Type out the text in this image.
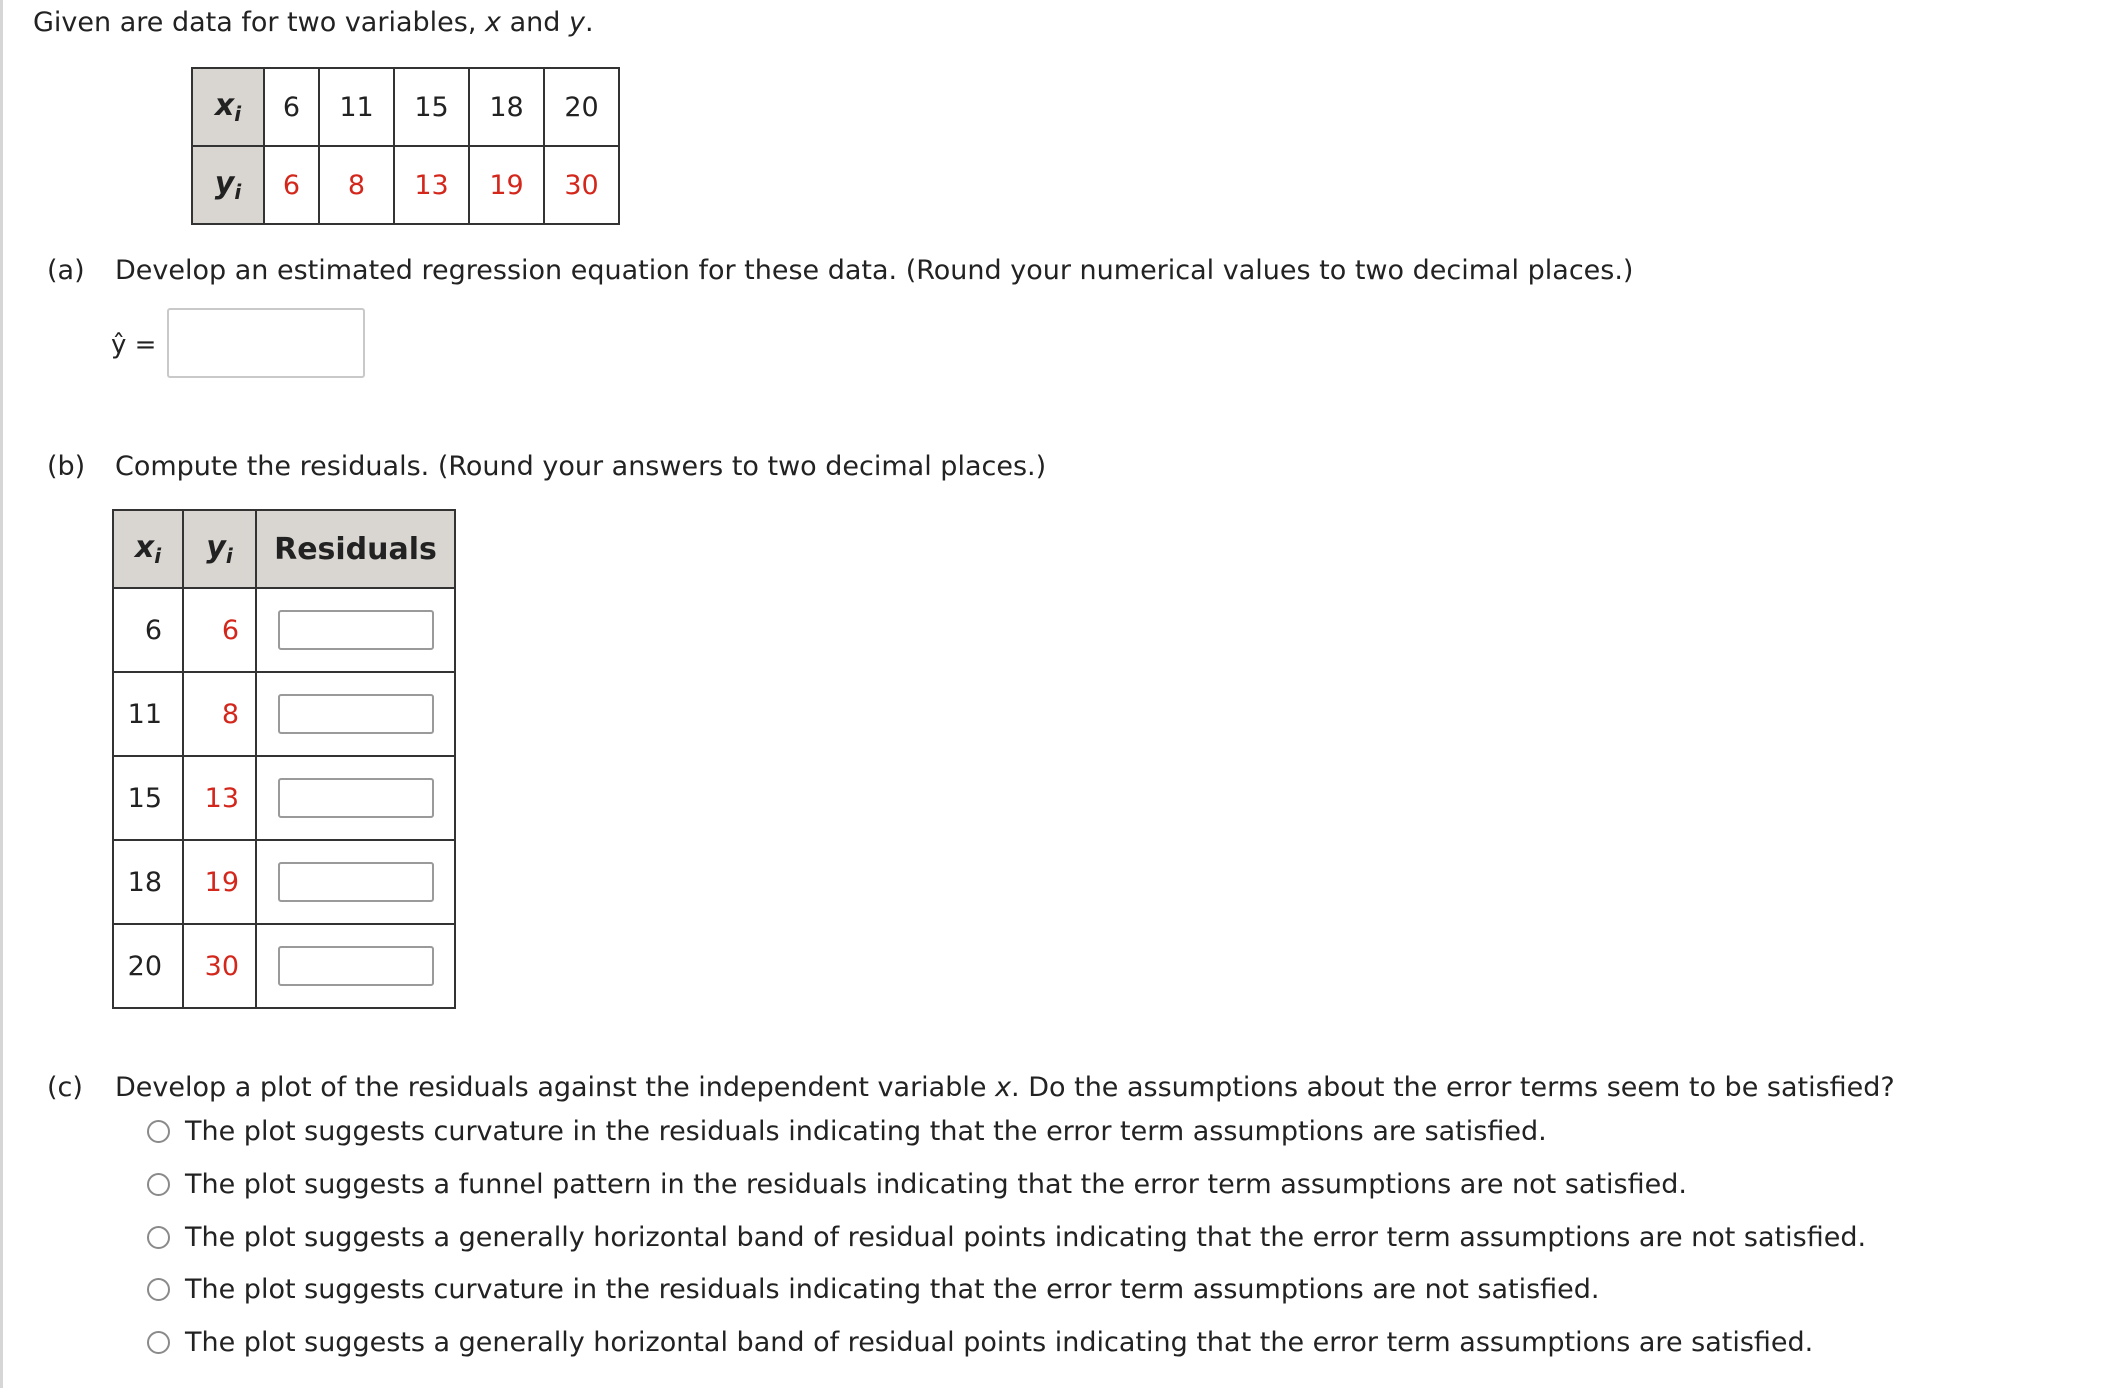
Given are data for two variables, x and y.
$x_i$	6	11	15	18	20
$y_i$	6	8	13	19	30
(a) Develop an estimated regression equation for these data. (Round your numerical values to two decimal places.)
ŷ =
(b) Compute the residuals. (Round your answers to two decimal places.)
$x_i$	$y_i$	Residuals
6	6	
11	8	
15	13	
18	19	
20	30	
(c) Develop a plot of the residuals against the independent variable x. Do the assumptions about the error terms seem to be satisfied?
The plot suggests curvature in the residuals indicating that the error term assumptions are satisfied.
The plot suggests a funnel pattern in the residuals indicating that the error term assumptions are not satisfied.
The plot suggests a generally horizontal band of residual points indicating that the error term assumptions are not satisfied.
The plot suggests curvature in the residuals indicating that the error term assumptions are not satisfied.
The plot suggests a generally horizontal band of residual points indicating that the error term assumptions are satisfied.
